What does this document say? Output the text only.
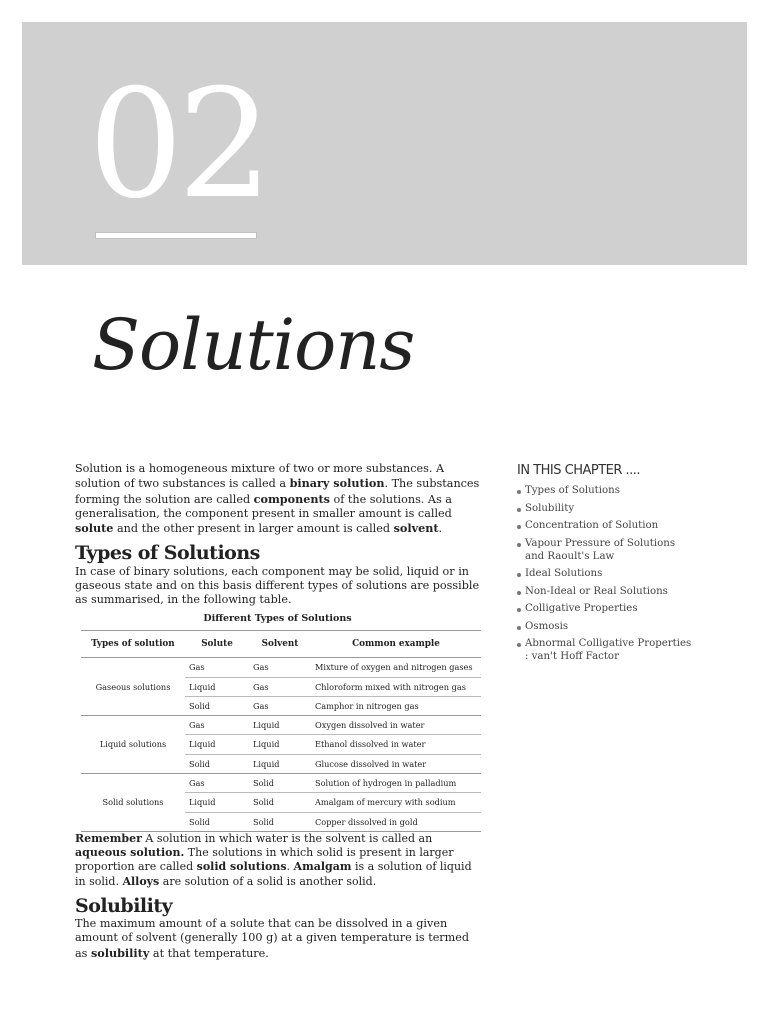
02
Solutions

Solution is a homogeneous mixture of two or more substances. A solution of two substances is called a binary solution. The substances forming the solution are called components of the solutions. As a generalisation, the component present in smaller amount is called solute and the other present in larger amount is called solvent.

Types of Solutions

In case of binary solutions, each component may be solid, liquid or in gaseous state and on this basis different types of solutions are possible as summarised, in the following table.

Different Types of Solutions
Types of solution	Solute	Solvent	Common example
Gaseous solutions	Gas	Gas	Mixture of oxygen and nitrogen gases
	Liquid	Gas	Chloroform mixed with nitrogen gas
	Solid	Gas	Camphor in nitrogen gas
Liquid solutions	Gas	Liquid	Oxygen dissolved in water
	Liquid	Liquid	Ethanol dissolved in water
	Solid	Liquid	Glucose dissolved in water
Solid solutions	Gas	Solid	Solution of hydrogen in palladium
	Liquid	Solid	Amalgam of mercury with sodium
	Solid	Solid	Copper dissolved in gold

Remember A solution in which water is the solvent is called an aqueous solution. The solutions in which solid is present in larger proportion are called solid solutions. Amalgam is a solution of liquid in solid. Alloys are solution of a solid is another solid.

Solubility

The maximum amount of a solute that can be dissolved in a given amount of solvent (generally 100 g) at a given temperature is termed as solubility at that temperature.

IN THIS CHAPTER ....
Types of Solutions
Solubility
Concentration of Solution
Vapour Pressure of Solutions and Raoult's Law
Ideal Solutions
Non-Ideal or Real Solutions
Colligative Properties
Osmosis
Abnormal Colligative Properties : van't Hoff Factor
